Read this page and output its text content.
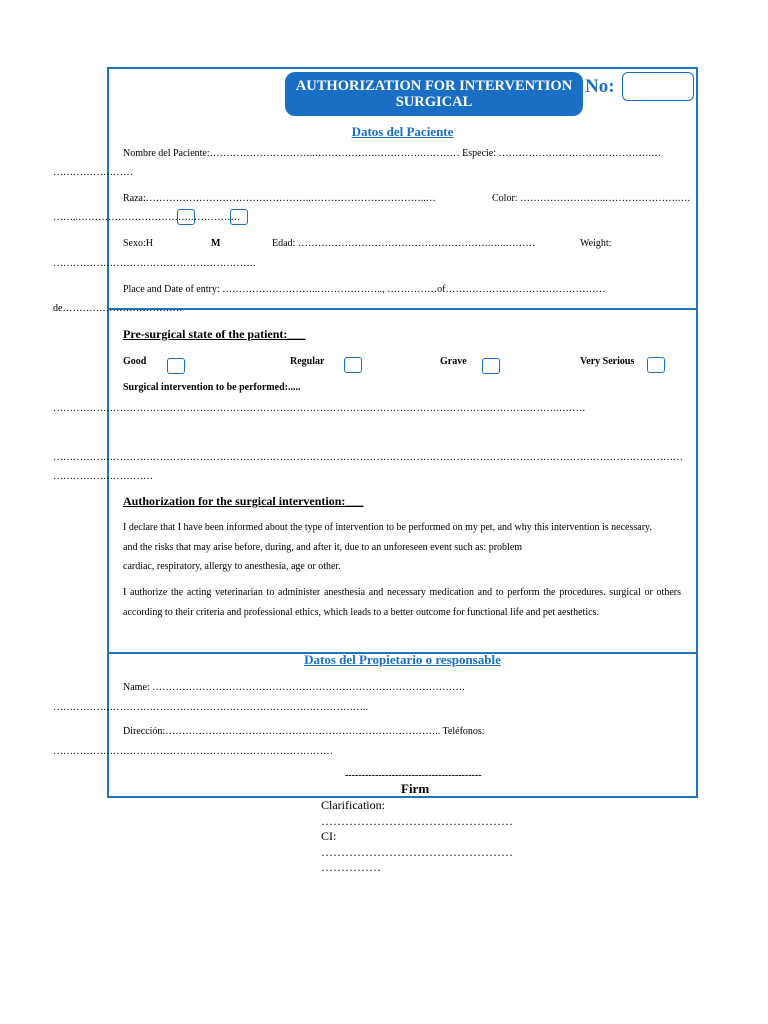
AUTHORIZATION FOR INTERVENTION
SURGICAL
No:
Datos del Paciente
Nombre del Paciente:…………………………..……………….………….………… Especie: ……………………………………….…
……………………
Raza:…………………………………………..……………………………..…	Color: ……………………..………………….….
……..…………………………….……………
Sexo:H	M	Edad: ………………………………………………….…..………	Weight:
…………………………………………………….
Place and Date of entry: ………………………..……………….., ……………of…………………………………………
de………………………………
Pre-surgical state of the patient:___
Good	Regular	Grave	Very Serious
Surgical intervention to be performed:.....
…………………………………………………………………………………………………………………………………….………
………………………………………………………………………………………………………………………………………………………………………
…………………………
Authorization for the surgical intervention:___
I declare that I have been informed about the type of intervention to be performed on my pet, and why this intervention is necessary.
and the risks that may arise before, during, and after it, due to an unforeseen event such as: problem
cardiac, respiratory, allergy to anesthesia, age or other.
I authorize the acting veterinarian to administer anesthesia and necessary medication and to perform the procedures. surgical or others according to their criteria and professional ethics, which leads to a better outcome for functional life and pet aesthetics.
Datos del Propietario o responsable
Name: ………………………………………………………………………………….
…………………………………………………………………………………..
Dirección:……………………………………………………………………….. Teléfonos:
…………………………………………………………………………
-----------------------------------------
Firm
Clarification:
…………………………………………
CI:
…………………………………………
……………
